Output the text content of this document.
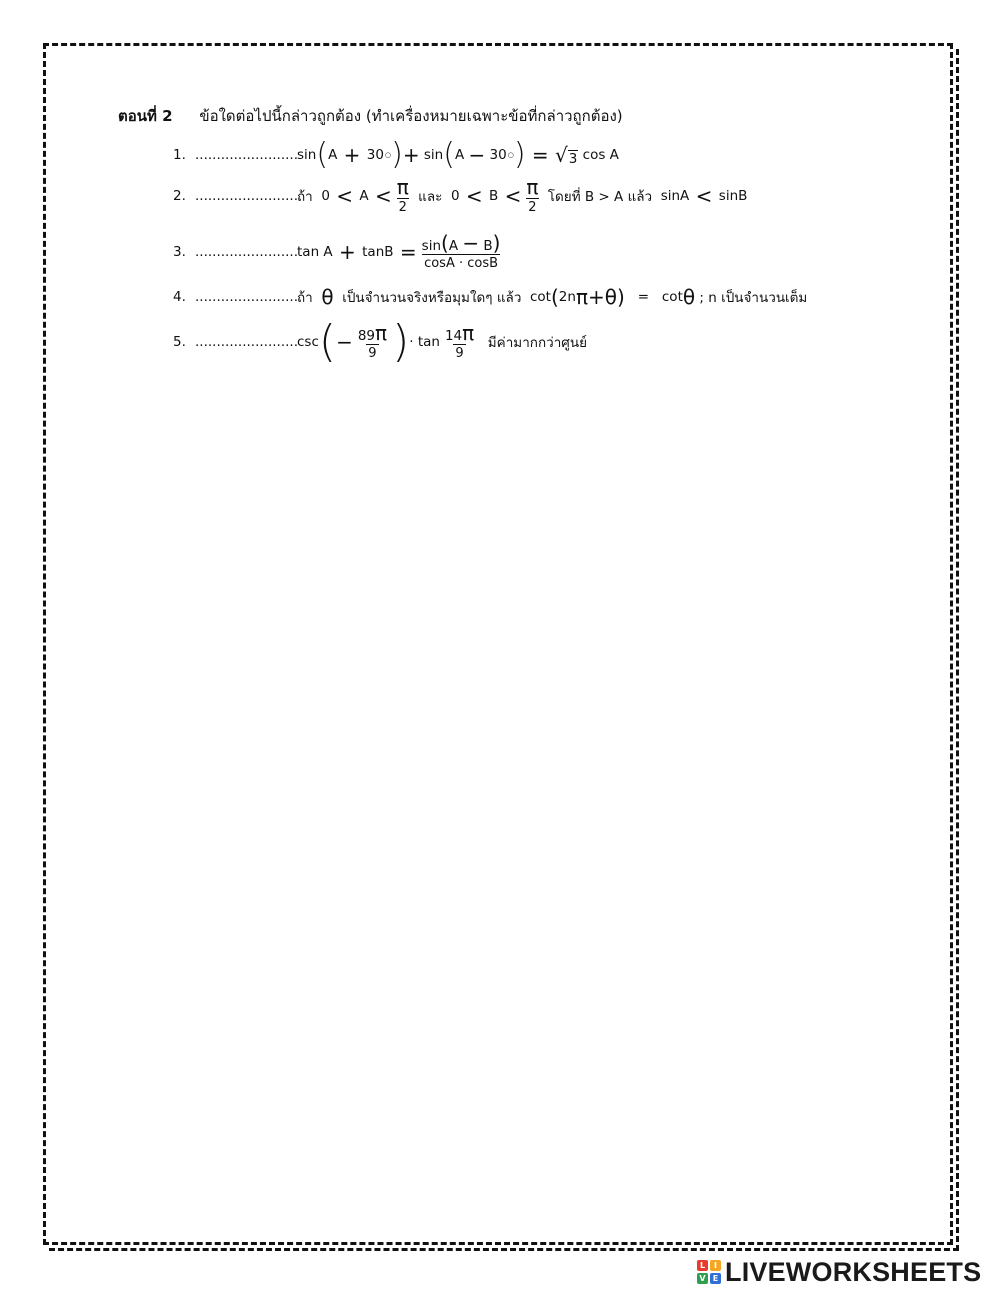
ตอนที่ 2 ข้อใดต่อไปนี้กล่าวถูกต้อง (ทำเครื่องหมายเฉพาะข้อที่กล่าวถูกต้อง)
1. ........................ sin ( A + 30 ○ ) + sin ( A − 30 ○ ) = √ 3 cos A
2. ........................ ถ้า $0 < A < \frac{\pi}{2}$
และ $0 < B < \frac{\pi}{2}$
โดยที่ B > A แล้ว sinA < sinB
3. ........................ $\tan A + \tan B = \frac{\sin(A - B)}{\cos A \cdot \cos B}$
4. ........................ ถ้า
θ
เป็นจำนวนจริงหรือมุมใดๆ แล้ว cot ( 2n π + θ ) =   cot θ
; n เป็นจำนวนเต็ม
5. ........................ csc ( − $\frac{89\pi}{9}$ ) · $\tan \frac{14\pi}{9}$
มีค่ามากกว่าศูนย์
L	I
V E LIVEWORKSHEETS
